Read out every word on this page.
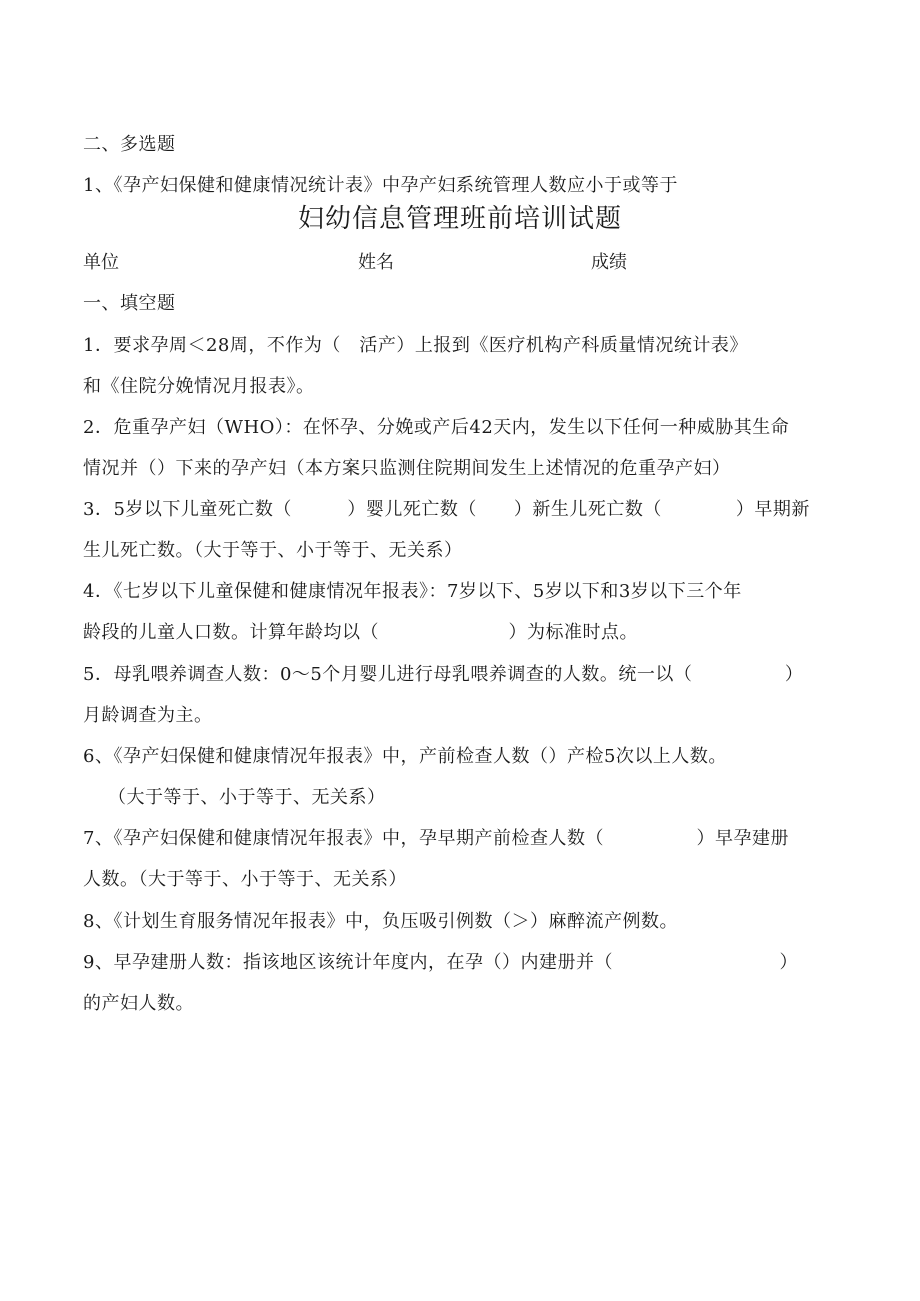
二、多选题
1、《孕产妇保健和健康情况统计表》中孕产妇系统管理人数应小于或等于
妇幼信息管理班前培训试题
单位	姓名	成绩
一、填空题
1．要求孕周＜28周，不作为（　活产）上报到《医疗机构产科质量情况统计表》
和《住院分娩情况月报表》。
2．危重孕产妇（WHO）：在怀孕、分娩或产后42天内，发生以下任何一种威胁其生命
情况并（）下来的孕产妇（本方案只监测住院期间发生上述情况的危重孕产妇）
3．5岁以下儿童死亡数（　　　）婴儿死亡数（　　）新生儿死亡数（　　　　）早期新
生儿死亡数。（大于等于、小于等于、无关系）
4．《七岁以下儿童保健和健康情况年报表》：7岁以下、5岁以下和3岁以下三个年
龄段的儿童人口数。计算年龄均以（　　　　　　　）为标准时点。
5．母乳喂养调查人数：0～5个月婴儿进行母乳喂养调查的人数。统一以（　　　　　）
月龄调查为主。
6、《孕产妇保健和健康情况年报表》中，产前检查人数（）产检5次以上人数。
（大于等于、小于等于、无关系）
7、《孕产妇保健和健康情况年报表》中，孕早期产前检查人数（　　　　　）早孕建册
人数。（大于等于、小于等于、无关系）
8、《计划生育服务情况年报表》中，负压吸引例数（＞）麻醉流产例数。
9、早孕建册人数：指该地区该统计年度内，在孕（）内建册并（　　　　　　　　　）
的产妇人数。
